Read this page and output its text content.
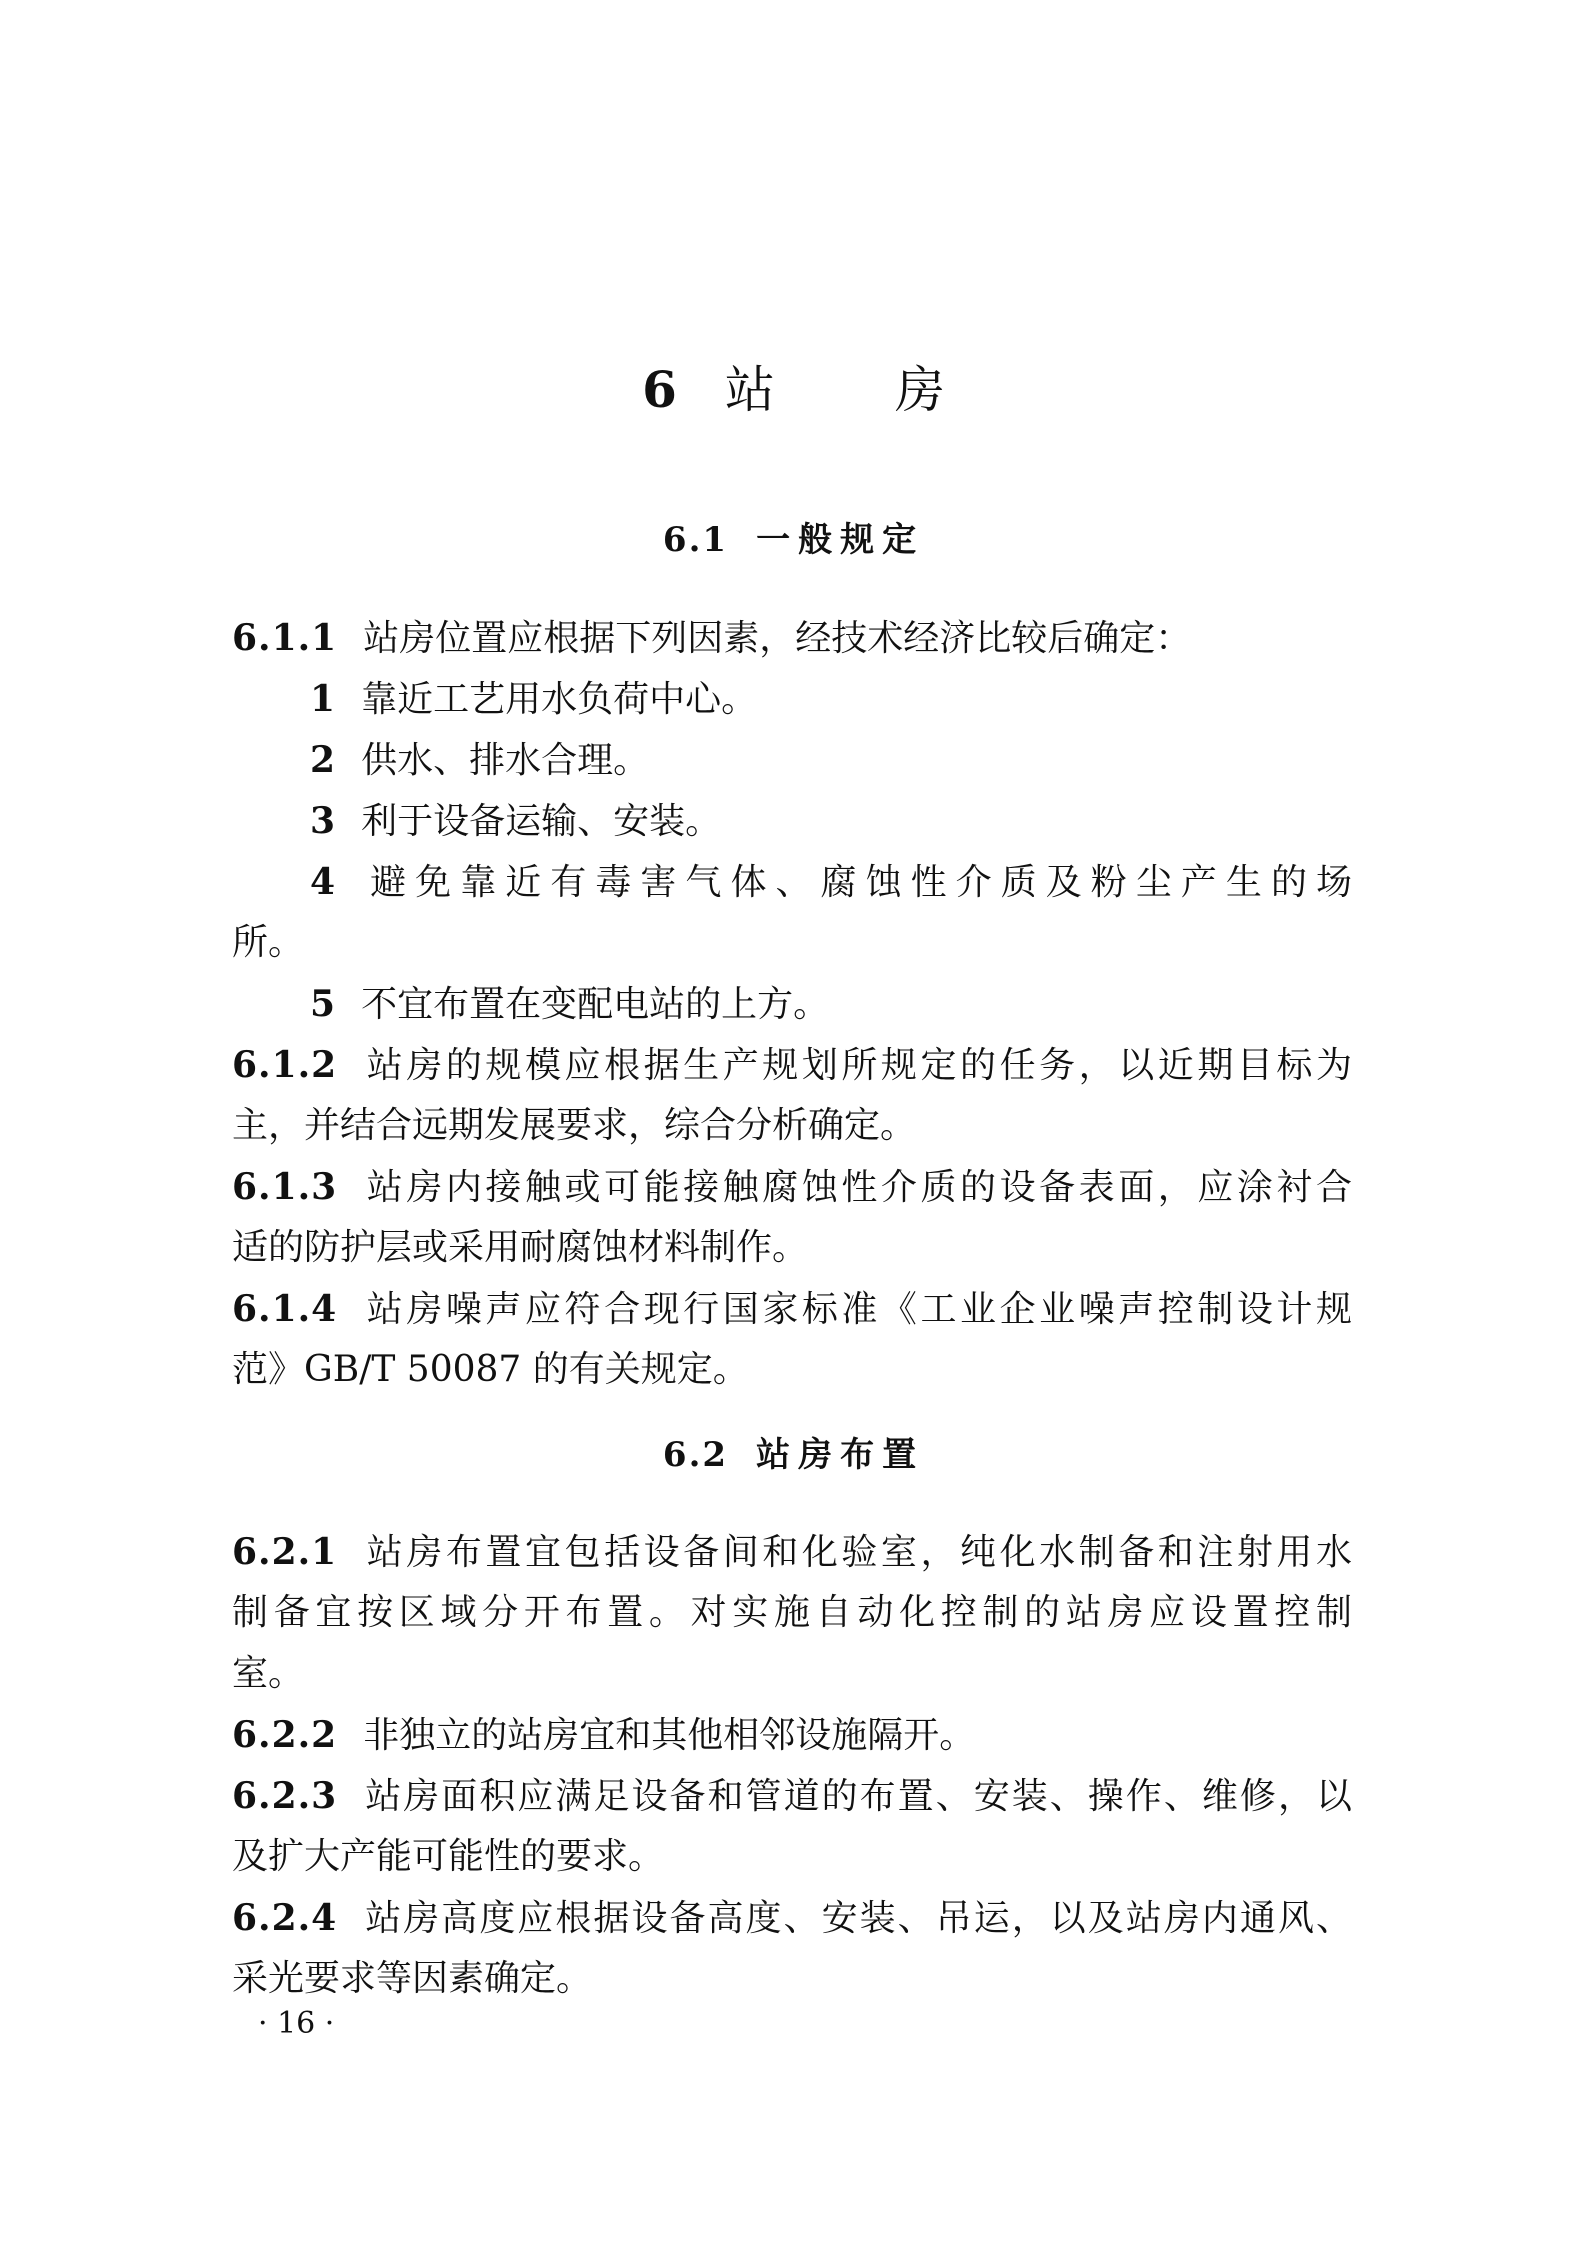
6 站 房
6.1 一般规定

6.1.1 站房位置应根据下列因素，经技术经济比较后确定：

1 靠近工艺用水负荷中心。

2 供水、排水合理。

3 利于设备运输、安装。

4 避免靠近有毒害气体、腐蚀性介质及粉尘产生的场

所。

5 不宜布置在变配电站的上方。

6.1.2 站房的规模应根据生产规划所规定的任务，以近期目标为

主，并结合远期发展要求，综合分析确定。

6.1.3 站房内接触或可能接触腐蚀性介质的设备表面，应涂衬合

适的防护层或采用耐腐蚀材料制作。

6.1.4 站房噪声应符合现行国家标准《工业企业噪声控制设计规

范》GB/T 50087 的有关规定。

6.2 站房布置

6.2.1 站房布置宜包括设备间和化验室，纯化水制备和注射用水

制备宜按区域分开布置。对实施自动化控制的站房应设置控制

室。

6.2.2 非独立的站房宜和其他相邻设施隔开。

6.2.3 站房面积应满足设备和管道的布置、安装、操作、维修，以

及扩大产能可能性的要求。

6.2.4 站房高度应根据设备高度、安装、吊运，以及站房内通风、

采光要求等因素确定。

· 16 ·
